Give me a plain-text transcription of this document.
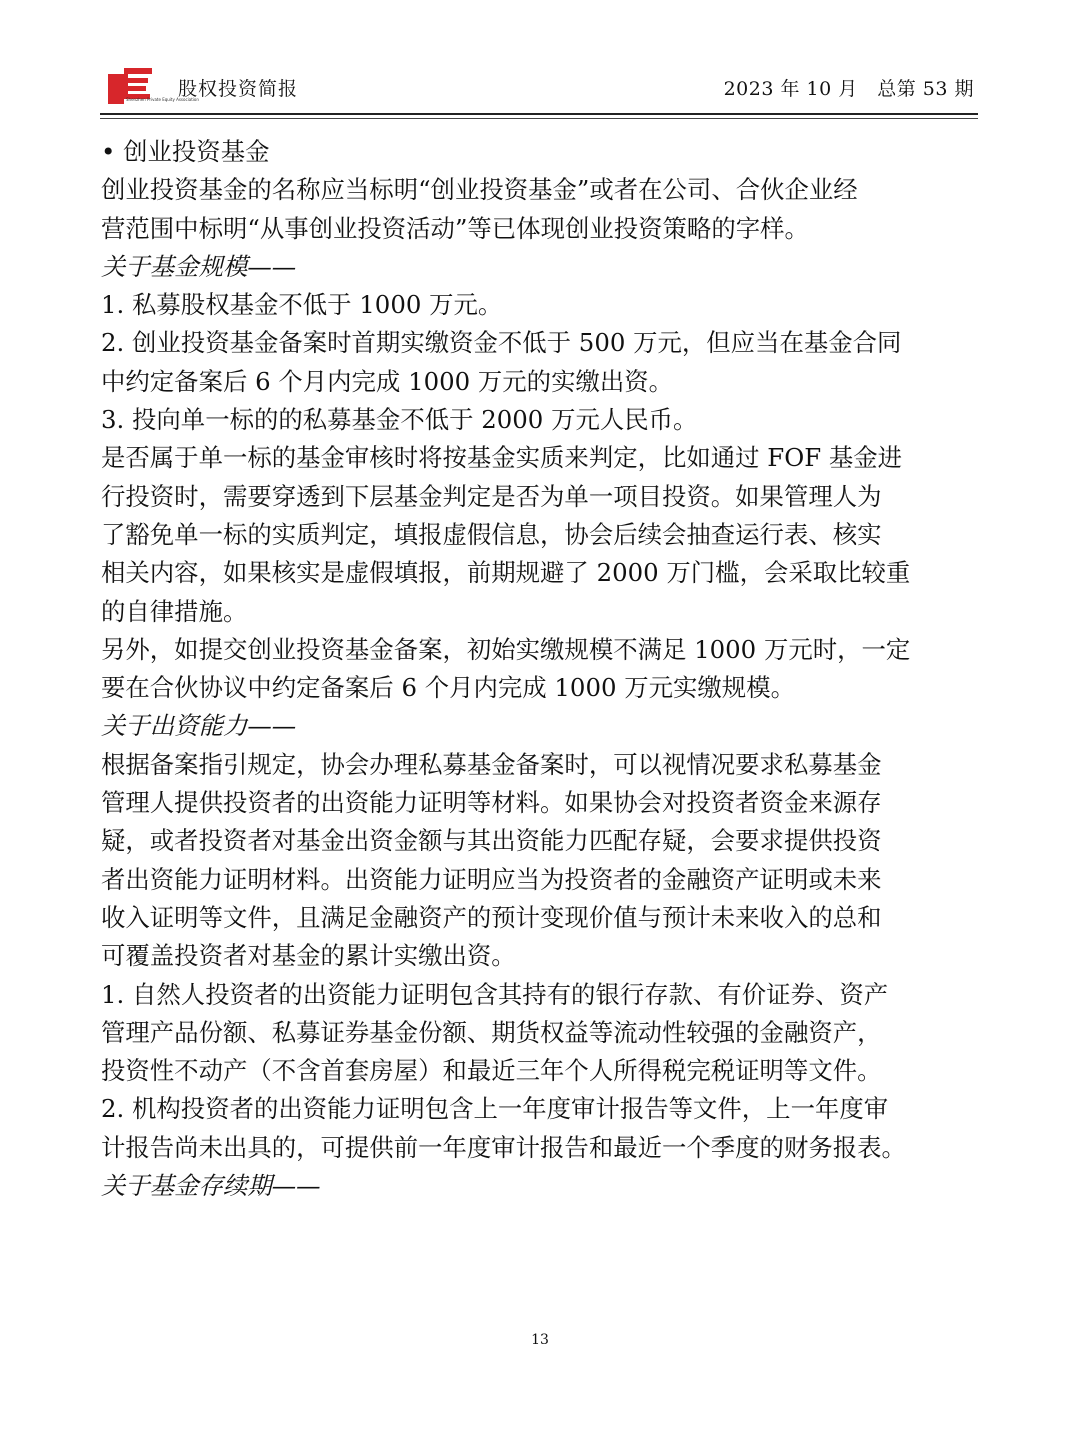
Shenzhen Private Equity Association
股权投资简报	2023 年 10 月　总第 53 期
• 创业投资基金
创业投资基金的名称应当标明“创业投资基金”或者在公司、合伙企业经
营范围中标明“从事创业投资活动”等已体现创业投资策略的字样。
关于基金规模——
1. 私募股权基金不低于 1000 万元。
2. 创业投资基金备案时首期实缴资金不低于 500 万元，但应当在基金合同
中约定备案后 6 个月内完成 1000 万元的实缴出资。
3. 投向单一标的的私募基金不低于 2000 万元人民币。
是否属于单一标的基金审核时将按基金实质来判定，比如通过 FOF 基金进
行投资时，需要穿透到下层基金判定是否为单一项目投资。如果管理人为
了豁免单一标的实质判定，填报虚假信息，协会后续会抽查运行表、核实
相关内容，如果核实是虚假填报，前期规避了 2000 万门槛，会采取比较重
的自律措施。
另外，如提交创业投资基金备案，初始实缴规模不满足 1000 万元时，一定
要在合伙协议中约定备案后 6 个月内完成 1000 万元实缴规模。
关于出资能力——
根据备案指引规定，协会办理私募基金备案时，可以视情况要求私募基金
管理人提供投资者的出资能力证明等材料。如果协会对投资者资金来源存
疑，或者投资者对基金出资金额与其出资能力匹配存疑，会要求提供投资
者出资能力证明材料。出资能力证明应当为投资者的金融资产证明或未来
收入证明等文件，且满足金融资产的预计变现价值与预计未来收入的总和
可覆盖投资者对基金的累计实缴出资。
1. 自然人投资者的出资能力证明包含其持有的银行存款、有价证券、资产
管理产品份额、私募证券基金份额、期货权益等流动性较强的金融资产，
投资性不动产（不含首套房屋）和最近三年个人所得税完税证明等文件。
2. 机构投资者的出资能力证明包含上一年度审计报告等文件，上一年度审
计报告尚未出具的，可提供前一年度审计报告和最近一个季度的财务报表。
关于基金存续期——
13
